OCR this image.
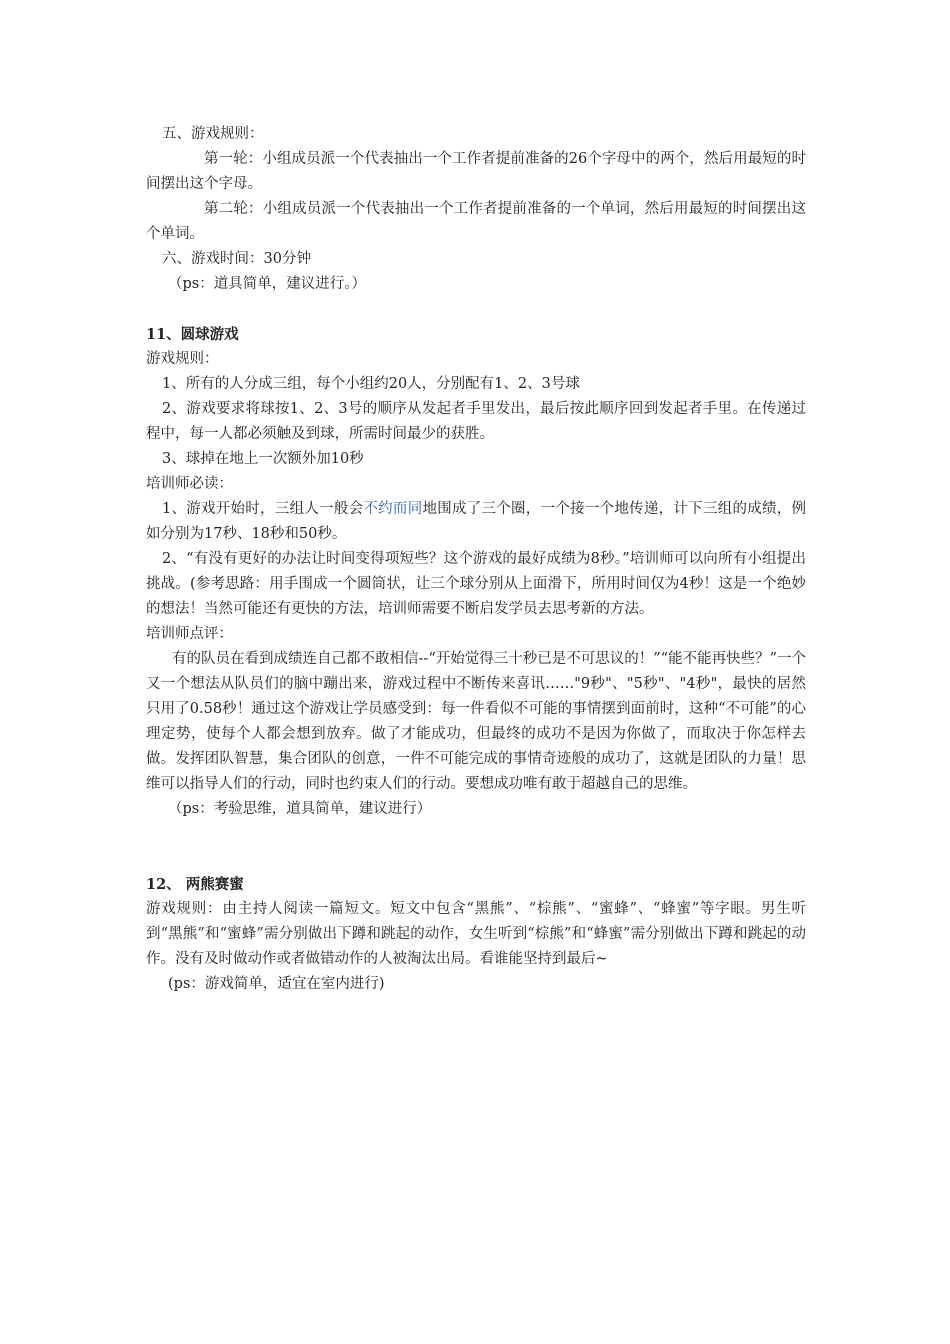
五、游戏规则：

第一轮：小组成员派一个代表抽出一个工作者提前准备的26个字母中的两个，然后用最短的时间摆出这个字母。

第二轮：小组成员派一个代表抽出一个工作者提前准备的一个单词，然后用最短的时间摆出这个单词。

六、游戏时间：30分钟

（ps：道具简单，建议进行。）

11、圆球游戏

游戏规则：

1、所有的人分成三组，每个小组约20人，分别配有1、2、3号球

2、游戏要求将球按1、2、3号的顺序从发起者手里发出，最后按此顺序回到发起者手里。在传递过程中，每一人都必须触及到球，所需时间最少的获胜。

3、球掉在地上一次额外加10秒

培训师必读：

1、游戏开始时，三组人一般会不约而同地围成了三个圈，一个接一个地传递，计下三组的成绩，例如分别为17秒、18秒和50秒。

2、“有没有更好的办法让时间变得项短些？这个游戏的最好成绩为8秒。”培训师可以向所有小组提出挑战。(参考思路：用手围成一个圆筒状，让三个球分别从上面滑下，所用时间仅为4秒！这是一个绝妙的想法！当然可能还有更快的方法，培训师需要不断启发学员去思考新的方法。

培训师点评：

有的队员在看到成绩连自己都不敢相信--“开始觉得三十秒已是不可思议的！”“能不能再快些？”一个又一个想法从队员们的脑中蹦出来，游戏过程中不断传来喜讯……"9秒"、"5秒"、"4秒"，最快的居然只用了0.58秒！通过这个游戏让学员感受到：每一件看似不可能的事情摆到面前时，这种“不可能”的心理定势，使每个人都会想到放弃。做了才能成功，但最终的成功不是因为你做了，而取决于你怎样去做。发挥团队智慧，集合团队的创意，一件不可能完成的事情奇迹般的成功了，这就是团队的力量！思维可以指导人们的行动，同时也约束人们的行动。要想成功唯有敢于超越自己的思维。

（ps：考验思维，道具简单，建议进行）

12、 两熊赛蜜

游戏规则：由主持人阅读一篇短文。短文中包含“黑熊”、“棕熊”、“蜜蜂”、“蜂蜜”等字眼。男生听到“黑熊”和“蜜蜂”需分别做出下蹲和跳起的动作，女生听到“棕熊”和“蜂蜜”需分别做出下蹲和跳起的动作。没有及时做动作或者做错动作的人被淘汰出局。看谁能坚持到最后~

(ps：游戏简单，适宜在室内进行)
